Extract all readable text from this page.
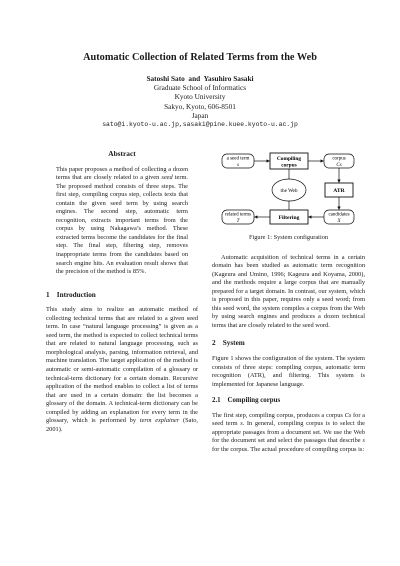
Automatic Collection of Related Terms from the Web
Satoshi Sato  and  Yasuhiro Sasaki
Graduate School of Informatics
Kyoto University
Sakyo, Kyoto, 606-8501
Japan
sato@i.kyoto-u.ac.jp,sasaki@pine.kuee.kyoto-u.ac.jp
Abstract

This paper proposes a method of collecting a dozen terms that are closely related to a given seed term. The proposed method consists of three steps. The first step, compiling corpus step, collects texts that contain the given seed term by using search engines. The second step, automatic term recognition, extracts important terms from the corpus by using Nakagawa’s method. These extracted terms become the candidates for the final step. The final step, filtering step, removes inappropriate terms from the candidates based on search engine hits. An evaluation result shows that the precision of the method is 85%.

1    Introduction

This study aims to realize an automatic method of collecting technical terms that are related to a given seed term. In case “natural language processing” is given as a seed term, the method is expected to collect technical terms that are related to natural language processing, such as morphological analysis, parsing, information retrieval, and machine translation. The target application of the method is automatic or semi-automatic compilation of a glossary or technical-term dictionary for a certain domain. Recursive application of the method enables to collect a list of terms that are used in a certain domain: the list becomes a glossary of the domain. A technical-term dictionary can be compiled by adding an explanation for every term in the glossary, which is performed by term explainer (Sato, 2001).

a seed term
s
Compiling
corpus
corpus
Cs
the Web	ATR
related terms
T
Filtering	candidates
X
Figure 1: System configuration

Automatic acquisition of technical terms in a certain domain has been studied as automatic term recognition (Kageura and Umino, 1996; Kageura and Koyama, 2000), and the methods require a large corpus that are manually prepared for a target domain. In contrast, our system, which is proposed in this paper, requires only a seed word; from this seed word, the system compiles a corpus from the Web by using search engines and produces a dozen technical terms that are closely related to the seed word.

2    System

Figure 1 shows the configuration of the system. The system consists of three steps: compiling corpus, automatic term recognition (ATR), and filtering. This system is implemented for Japanese language.

2.1    Compiling corpus

The first step, compiling corpus, produces a corpus Cs for a seed term s. In general, compiling corpus is to select the appropriate passages from a document set. We use the Web for the document set and select the passages that describe s for the corpus. The actual procedure of compiling corpus is:
